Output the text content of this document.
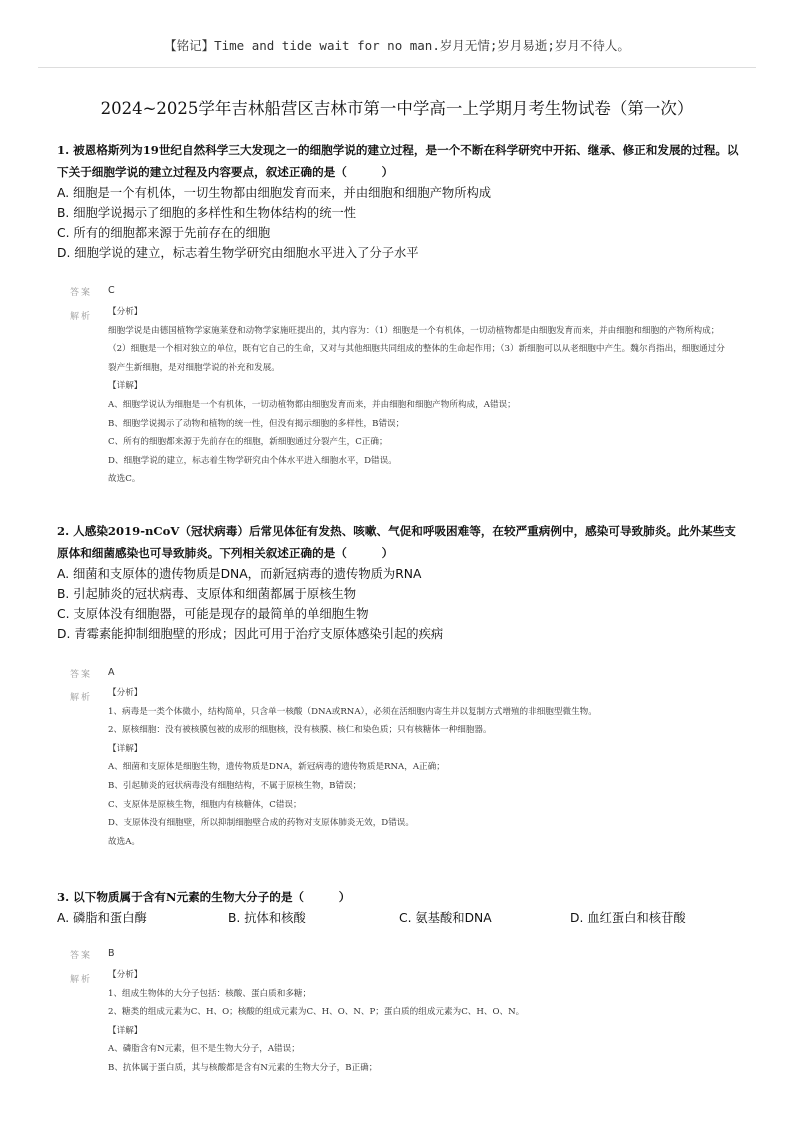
【铭记】Time and tide wait for no man.岁月无情;岁月易逝;岁月不待人。
2024~2025学年吉林船营区吉林市第一中学高一上学期月考生物试卷（第一次）

1. 被恩格斯列为19世纪自然科学三大发现之一的细胞学说的建立过程，是一个不断在科学研究中开拓、继承、修正和发展的过程。以下关于细胞学说的建立过程及内容要点，叙述正确的是（　　　）

A. 细胞是一个有机体，一切生物都由细胞发育而来，并由细胞和细胞产物所构成

B. 细胞学说揭示了细胞的多样性和生物体结构的统一性

C. 所有的细胞都来源于先前存在的细胞

D. 细胞学说的建立，标志着生物学研究由细胞水平进入了分子水平

答案 C
解析 【分析】

细胞学说是由德国植物学家施莱登和动物学家施旺提出的，其内容为：（1）细胞是一个有机体，一切动植物都是由细胞发育而来，并由细胞和细胞的产物所构成；（2）细胞是一个相对独立的单位，既有它自己的生命，又对与其他细胞共同组成的整体的生命起作用；（3）新细胞可以从老细胞中产生。魏尔肖指出，细胞通过分裂产生新细胞，是对细胞学说的补充和发展。

【详解】

A、细胞学说认为细胞是一个有机体，一切动植物都由细胞发育而来，并由细胞和细胞产物所构成，A错误；

B、细胞学说揭示了动物和植物的统一性，但没有揭示细胞的多样性，B错误；

C、所有的细胞都来源于先前存在的细胞，新细胞通过分裂产生，C正确；

D、细胞学说的建立，标志着生物学研究由个体水平进入细胞水平，D错误。

故选C。

2. 人感染2019-nCoV（冠状病毒）后常见体征有发热、咳嗽、气促和呼吸困难等，在较严重病例中，感染可导致肺炎。此外某些支原体和细菌感染也可导致肺炎。下列相关叙述正确的是（　　　）

A. 细菌和支原体的遗传物质是DNA，而新冠病毒的遗传物质为RNA

B. 引起肺炎的冠状病毒、支原体和细菌都属于原核生物

C. 支原体没有细胞器，可能是现存的最简单的单细胞生物

D. 青霉素能抑制细胞壁的形成；因此可用于治疗支原体感染引起的疾病

答案 A
解析 【分析】

1、病毒是一类个体微小，结构简单，只含单一核酸（DNA或RNA），必须在活细胞内寄生并以复制方式增殖的非细胞型微生物。

2、原核细胞：没有被核膜包被的成形的细胞核，没有核膜、核仁和染色质；只有核糖体一种细胞器。

【详解】

A、细菌和支原体是细胞生物，遗传物质是DNA，新冠病毒的遗传物质是RNA，A正确；

B、引起肺炎的冠状病毒没有细胞结构，不属于原核生物，B错误；

C、支原体是原核生物，细胞内有核糖体，C错误；

D、支原体没有细胞壁，所以抑制细胞壁合成的药物对支原体肺炎无效，D错误。

故选A。

3. 以下物质属于含有N元素的生物大分子的是（　　　）

A. 磷脂和蛋白酶	B. 抗体和核酸	C. 氨基酸和DNA	D. 血红蛋白和核苷酸
答案 B
解析 【分析】

1、组成生物体的大分子包括：核酸、蛋白质和多糖；

2、糖类的组成元素为C、H、O；核酸的组成元素为C、H、O、N、P；蛋白质的组成元素为C、H、O、N。

【详解】

A、磷脂含有N元素，但不是生物大分子，A错误；

B、抗体属于蛋白质，其与核酸都是含有N元素的生物大分子，B正确；
